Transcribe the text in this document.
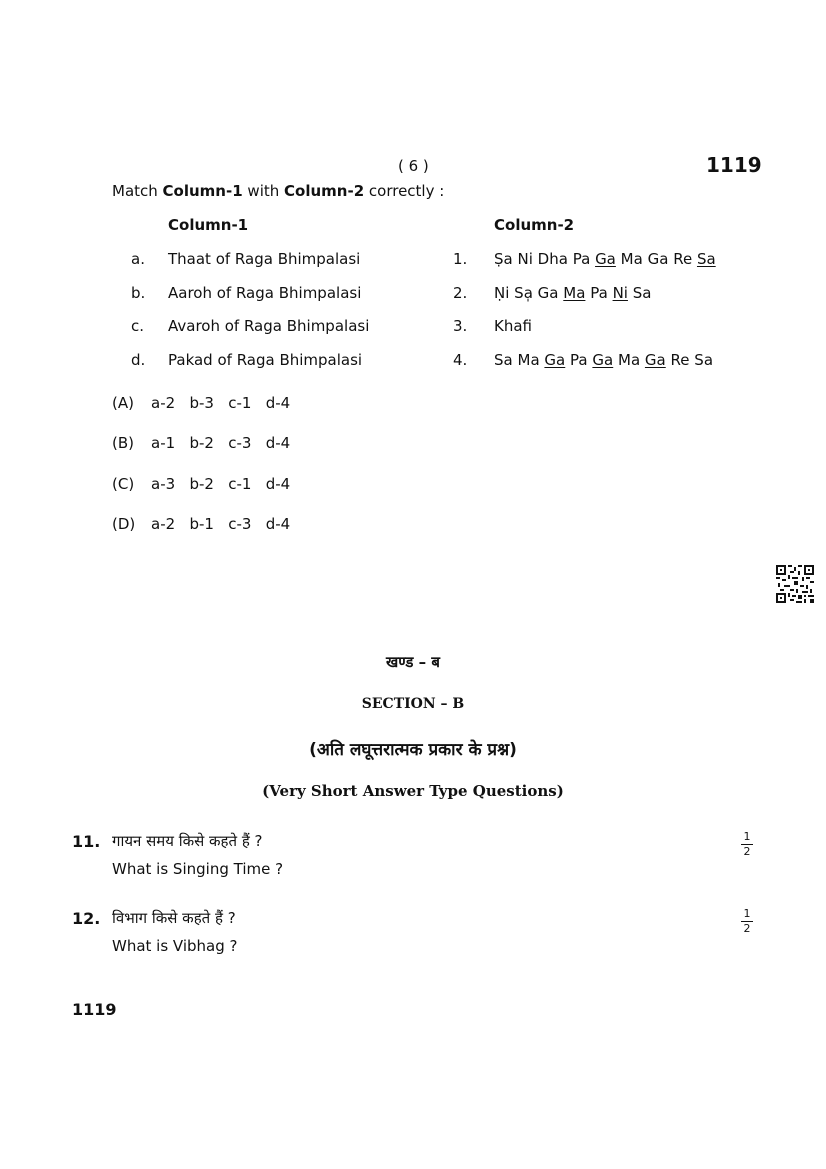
( 6 )	1119
Match Column-1 with Column-2 correctly :
Column-1	Column-2
a. Thaat of Raga Bhimpalasi
b. Aaroh of Raga Bhimpalasi
c. Avaroh of Raga Bhimpalasi
d. Pakad of Raga Bhimpalasi
1. Ṣa Ni Dha Pa Ga Ma Ga Re Sa
2. Ṇi Sa̩ Ga Ma Pa Ni Sa
3. Khafi
4. Sa Ma Ga Pa Ga Ma Ga Re Sa
(A) a-2   b-3   c-1   d-4
(B) a-1   b-2   c-3   d-4
(C) a-3   b-2   c-1   d-4
(D) a-2   b-1   c-3   d-4
खण्ड – ब
SECTION – B
(अति लघूत्तरात्मक प्रकार के प्रश्न)
(Very Short Answer Type Questions)
11. गायन समय किसे कहते हैं ?
What is Singing Time ?
1
2
12. विभाग किसे कहते हैं ?
What is Vibhag ?
1
2
1119
